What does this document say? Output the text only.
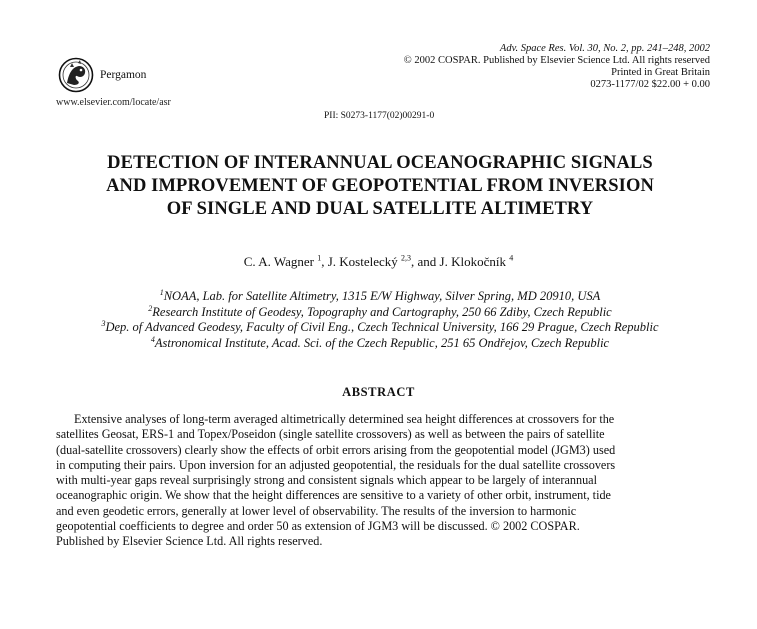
Pergamon
www.elsevier.com/locate/asr
Adv. Space Res. Vol. 30, No. 2, pp. 241–248, 2002
© 2002 COSPAR. Published by Elsevier Science Ltd. All rights reserved
Printed in Great Britain
0273-1177/02 $22.00 + 0.00
PII: S0273-1177(02)00291-0
DETECTION OF INTERANNUAL OCEANOGRAPHIC SIGNALS
AND IMPROVEMENT OF GEOPOTENTIAL FROM INVERSION
OF SINGLE AND DUAL SATELLITE ALTIMETRY
C. A. Wagner $^1$, J. Kostelecký $^{2,3}$, and J. Klokočník $^4$
$^1$NOAA, Lab. for Satellite Altimetry, 1315 E/W Highway, Silver Spring, MD 20910, USA
$^2$Research Institute of Geodesy, Topography and Cartography, 250 66 Zdiby, Czech Republic
$^3$Dep. of Advanced Geodesy, Faculty of Civil Eng., Czech Technical University, 166 29 Prague, Czech Republic
$^4$Astronomical Institute, Acad. Sci. of the Czech Republic, 251 65 Ondřejov, Czech Republic
ABSTRACT
Extensive analyses of long-term averaged altimetrically determined sea height differences at crossovers for the
satellites Geosat, ERS-1 and Topex/Poseidon (single satellite crossovers) as well as between the pairs of satellite
(dual-satellite crossovers) clearly show the effects of orbit errors arising from the geopotential model (JGM3) used
in computing their pairs. Upon inversion for an adjusted geopotential, the residuals for the dual satellite crossovers
with multi-year gaps reveal surprisingly strong and consistent signals which appear to be largely of interannual
oceanographic origin. We show that the height differences are sensitive to a variety of other orbit, instrument, tide
and even geodetic errors, generally at lower level of observability. The results of the inversion to harmonic
geopotential coefficients to degree and order 50 as extension of JGM3 will be discussed. © 2002 COSPAR.
Published by Elsevier Science Ltd. All rights reserved.
